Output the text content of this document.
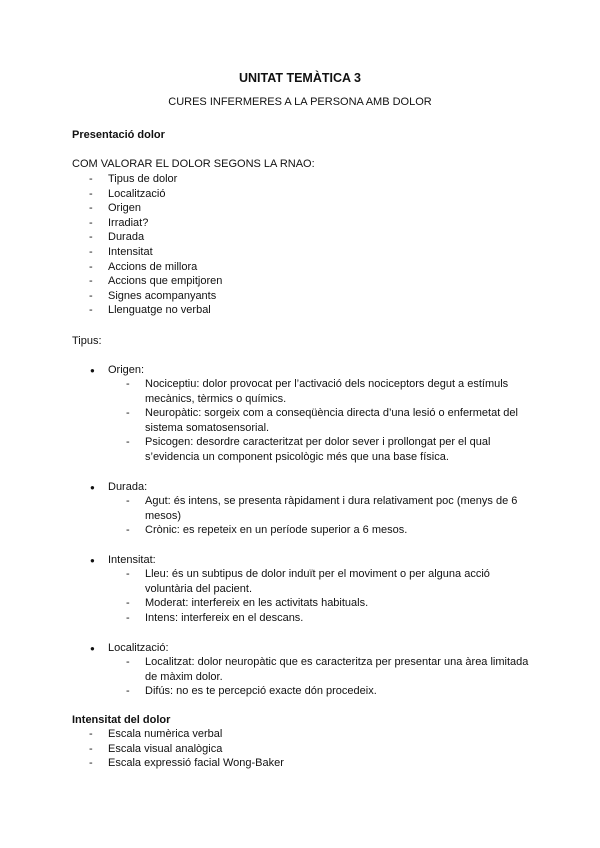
UNITAT TEMÀTICA 3
CURES INFERMERES A LA PERSONA AMB DOLOR
Presentació dolor
COM VALORAR EL DOLOR SEGONS LA RNAO:
- Tipus de dolor
- Localització
- Origen
- Irradiat?
- Durada
- Intensitat
- Accions de millora
- Accions que empitjoren
- Signes acompanyants
- Llenguatge no verbal
Tipus:
● Origen:
- Nociceptiu: dolor provocat per l’activació dels nociceptors degut a estímuls mecànics, tèrmics o químics.
- Neuropàtic: sorgeix com a conseqüència directa d’una lesió o enfermetat del sistema somatosensorial.
- Psicogen: desordre caracteritzat per dolor sever i prollongat per el qual s’evidencia un component psicològic més que una base física.
● Durada:
- Agut: és intens, se presenta ràpidament i dura relativament poc (menys de 6 mesos)
- Crònic: es repeteix en un període superior a 6 mesos.
● Intensitat:
- Lleu: és un subtipus de dolor induït per el moviment o per alguna acció voluntària del pacient.
- Moderat: interfereix en les activitats habituals.
- Intens: interfereix en el descans.
● Localització:
- Localitzat: dolor neuropàtic que es caracteritza per presentar una àrea limitada de màxim dolor.
- Difús: no es te percepció exacte dón procedeix.
Intensitat del dolor
- Escala numèrica verbal
- Escala visual analògica
- Escala expressió facial Wong-Baker
